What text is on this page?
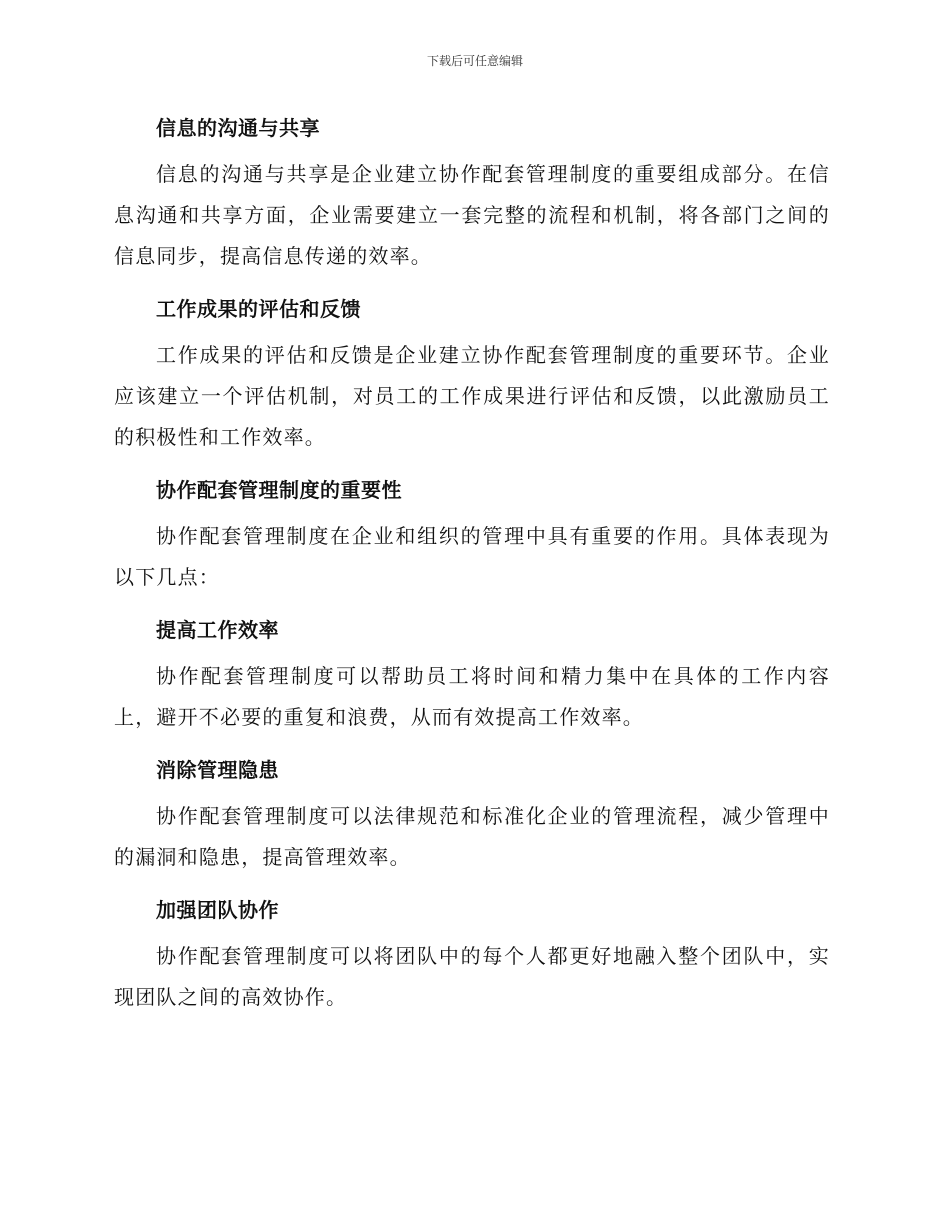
下载后可任意编辑
信息的沟通与共享

信息的沟通与共享是企业建立协作配套管理制度的重要组成部分。在信息沟通和共享方面，企业需要建立一套完整的流程和机制，将各部门之间的信息同步，提高信息传递的效率。

工作成果的评估和反馈

工作成果的评估和反馈是企业建立协作配套管理制度的重要环节。企业应该建立一个评估机制，对员工的工作成果进行评估和反馈，以此激励员工的积极性和工作效率。

协作配套管理制度的重要性

协作配套管理制度在企业和组织的管理中具有重要的作用。具体表现为以下几点：

提高工作效率

协作配套管理制度可以帮助员工将时间和精力集中在具体的工作内容上，避开不必要的重复和浪费，从而有效提高工作效率。

消除管理隐患

协作配套管理制度可以法律规范和标准化企业的管理流程，减少管理中的漏洞和隐患，提高管理效率。

加强团队协作

协作配套管理制度可以将团队中的每个人都更好地融入整个团队中，实现团队之间的高效协作。
